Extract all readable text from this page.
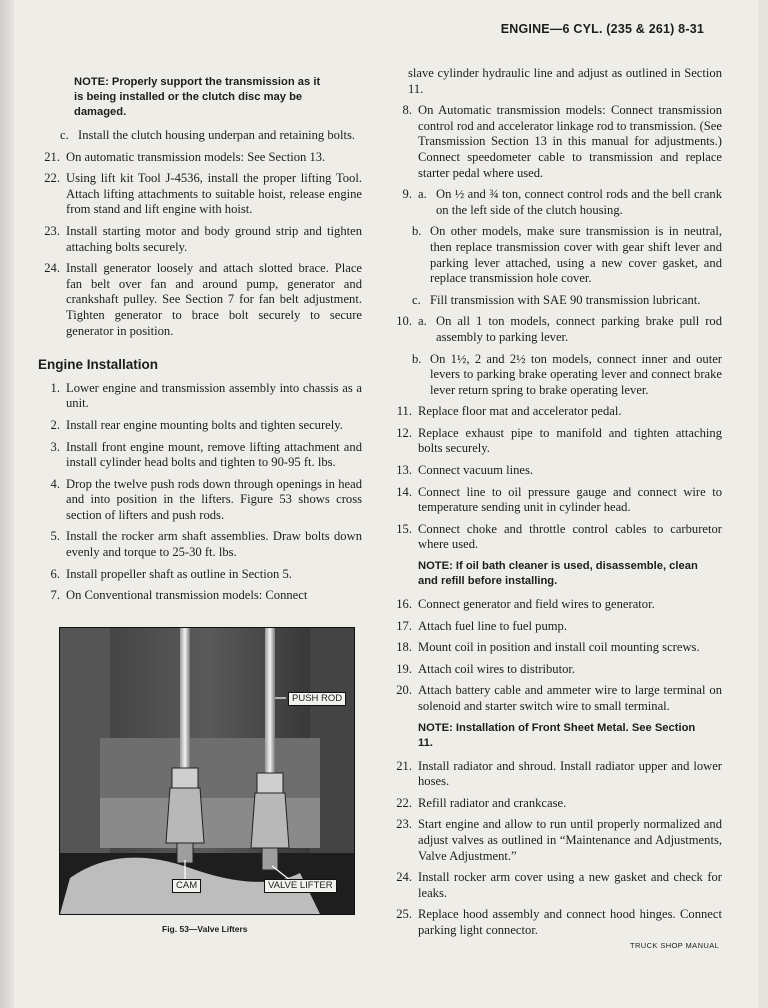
ENGINE—6 CYL. (235 & 261) 8-31
NOTE: Properly support the transmission as it is being installed or the clutch disc may be damaged.
c. Install the clutch housing underpan and retaining bolts.
21. On automatic transmission models: See Section 13.
22. Using lift kit Tool J-4536, install the proper lifting Tool. Attach lifting attachments to suitable hoist, release engine from stand and lift engine with hoist.
23. Install starting motor and body ground strip and tighten attaching bolts securely.
24. Install generator loosely and attach slotted brace. Place fan belt over fan and around pump, generator and crankshaft pulley. See Section 7 for fan belt adjustment. Tighten generator to brace bolt securely to secure generator in position.
Engine Installation
1. Lower engine and transmission assembly into chassis as a unit.
2. Install rear engine mounting bolts and tighten securely.
3. Install front engine mount, remove lifting attachment and install cylinder head bolts and tighten to 90-95 ft. lbs.
4. Drop the twelve push rods down through openings in head and into position in the lifters. Figure 53 shows cross section of lifters and push rods.
5. Install the rocker arm shaft assemblies. Draw bolts down evenly and torque to 25-30 ft. lbs.
6. Install propeller shaft as outline in Section 5.
7. On Conventional transmission models: Connect
PUSH ROD
CAM	VALVE LIFTER
Fig. 53—Valve Lifters
slave cylinder hydraulic line and adjust as outlined in Section 11.
8. On Automatic transmission models: Connect transmission control rod and accelerator linkage rod to transmission. (See Transmission Section 13 in this manual for adjustments.) Connect speedometer cable to transmission and replace starter pedal where used.
9. a. On ½ and ¾ ton, connect control rods and the bell crank on the left side of the clutch housing.
b. On other models, make sure transmission is in neutral, then replace transmission cover with gear shift lever and parking lever attached, using a new cover gasket, and replace transmission hole cover.
c. Fill transmission with SAE 90 transmission lubricant.
10. a. On all 1 ton models, connect parking brake pull rod assembly to parking lever.
b. On 1½, 2 and 2½ ton models, connect inner and outer levers to parking brake operating lever and connect brake lever return spring to brake operating lever.
11. Replace floor mat and accelerator pedal.
12. Replace exhaust pipe to manifold and tighten attaching bolts securely.
13. Connect vacuum lines.
14. Connect line to oil pressure gauge and connect wire to temperature sending unit in cylinder head.
15. Connect choke and throttle control cables to carburetor where used.
NOTE: If oil bath cleaner is used, disassemble, clean and refill before installing.
16. Connect generator and field wires to generator.
17. Attach fuel line to fuel pump.
18. Mount coil in position and install coil mounting screws.
19. Attach coil wires to distributor.
20. Attach battery cable and ammeter wire to large terminal on solenoid and starter switch wire to small terminal.
NOTE: Installation of Front Sheet Metal. See Section 11.
21. Install radiator and shroud. Install radiator upper and lower hoses.
22. Refill radiator and crankcase.
23. Start engine and allow to run until properly normalized and adjust valves as outlined in “Maintenance and Adjustments, Valve Adjustment.”
24. Install rocker arm cover using a new gasket and check for leaks.
25. Replace hood assembly and connect hood hinges. Connect parking light connector.
TRUCK SHOP MANUAL
